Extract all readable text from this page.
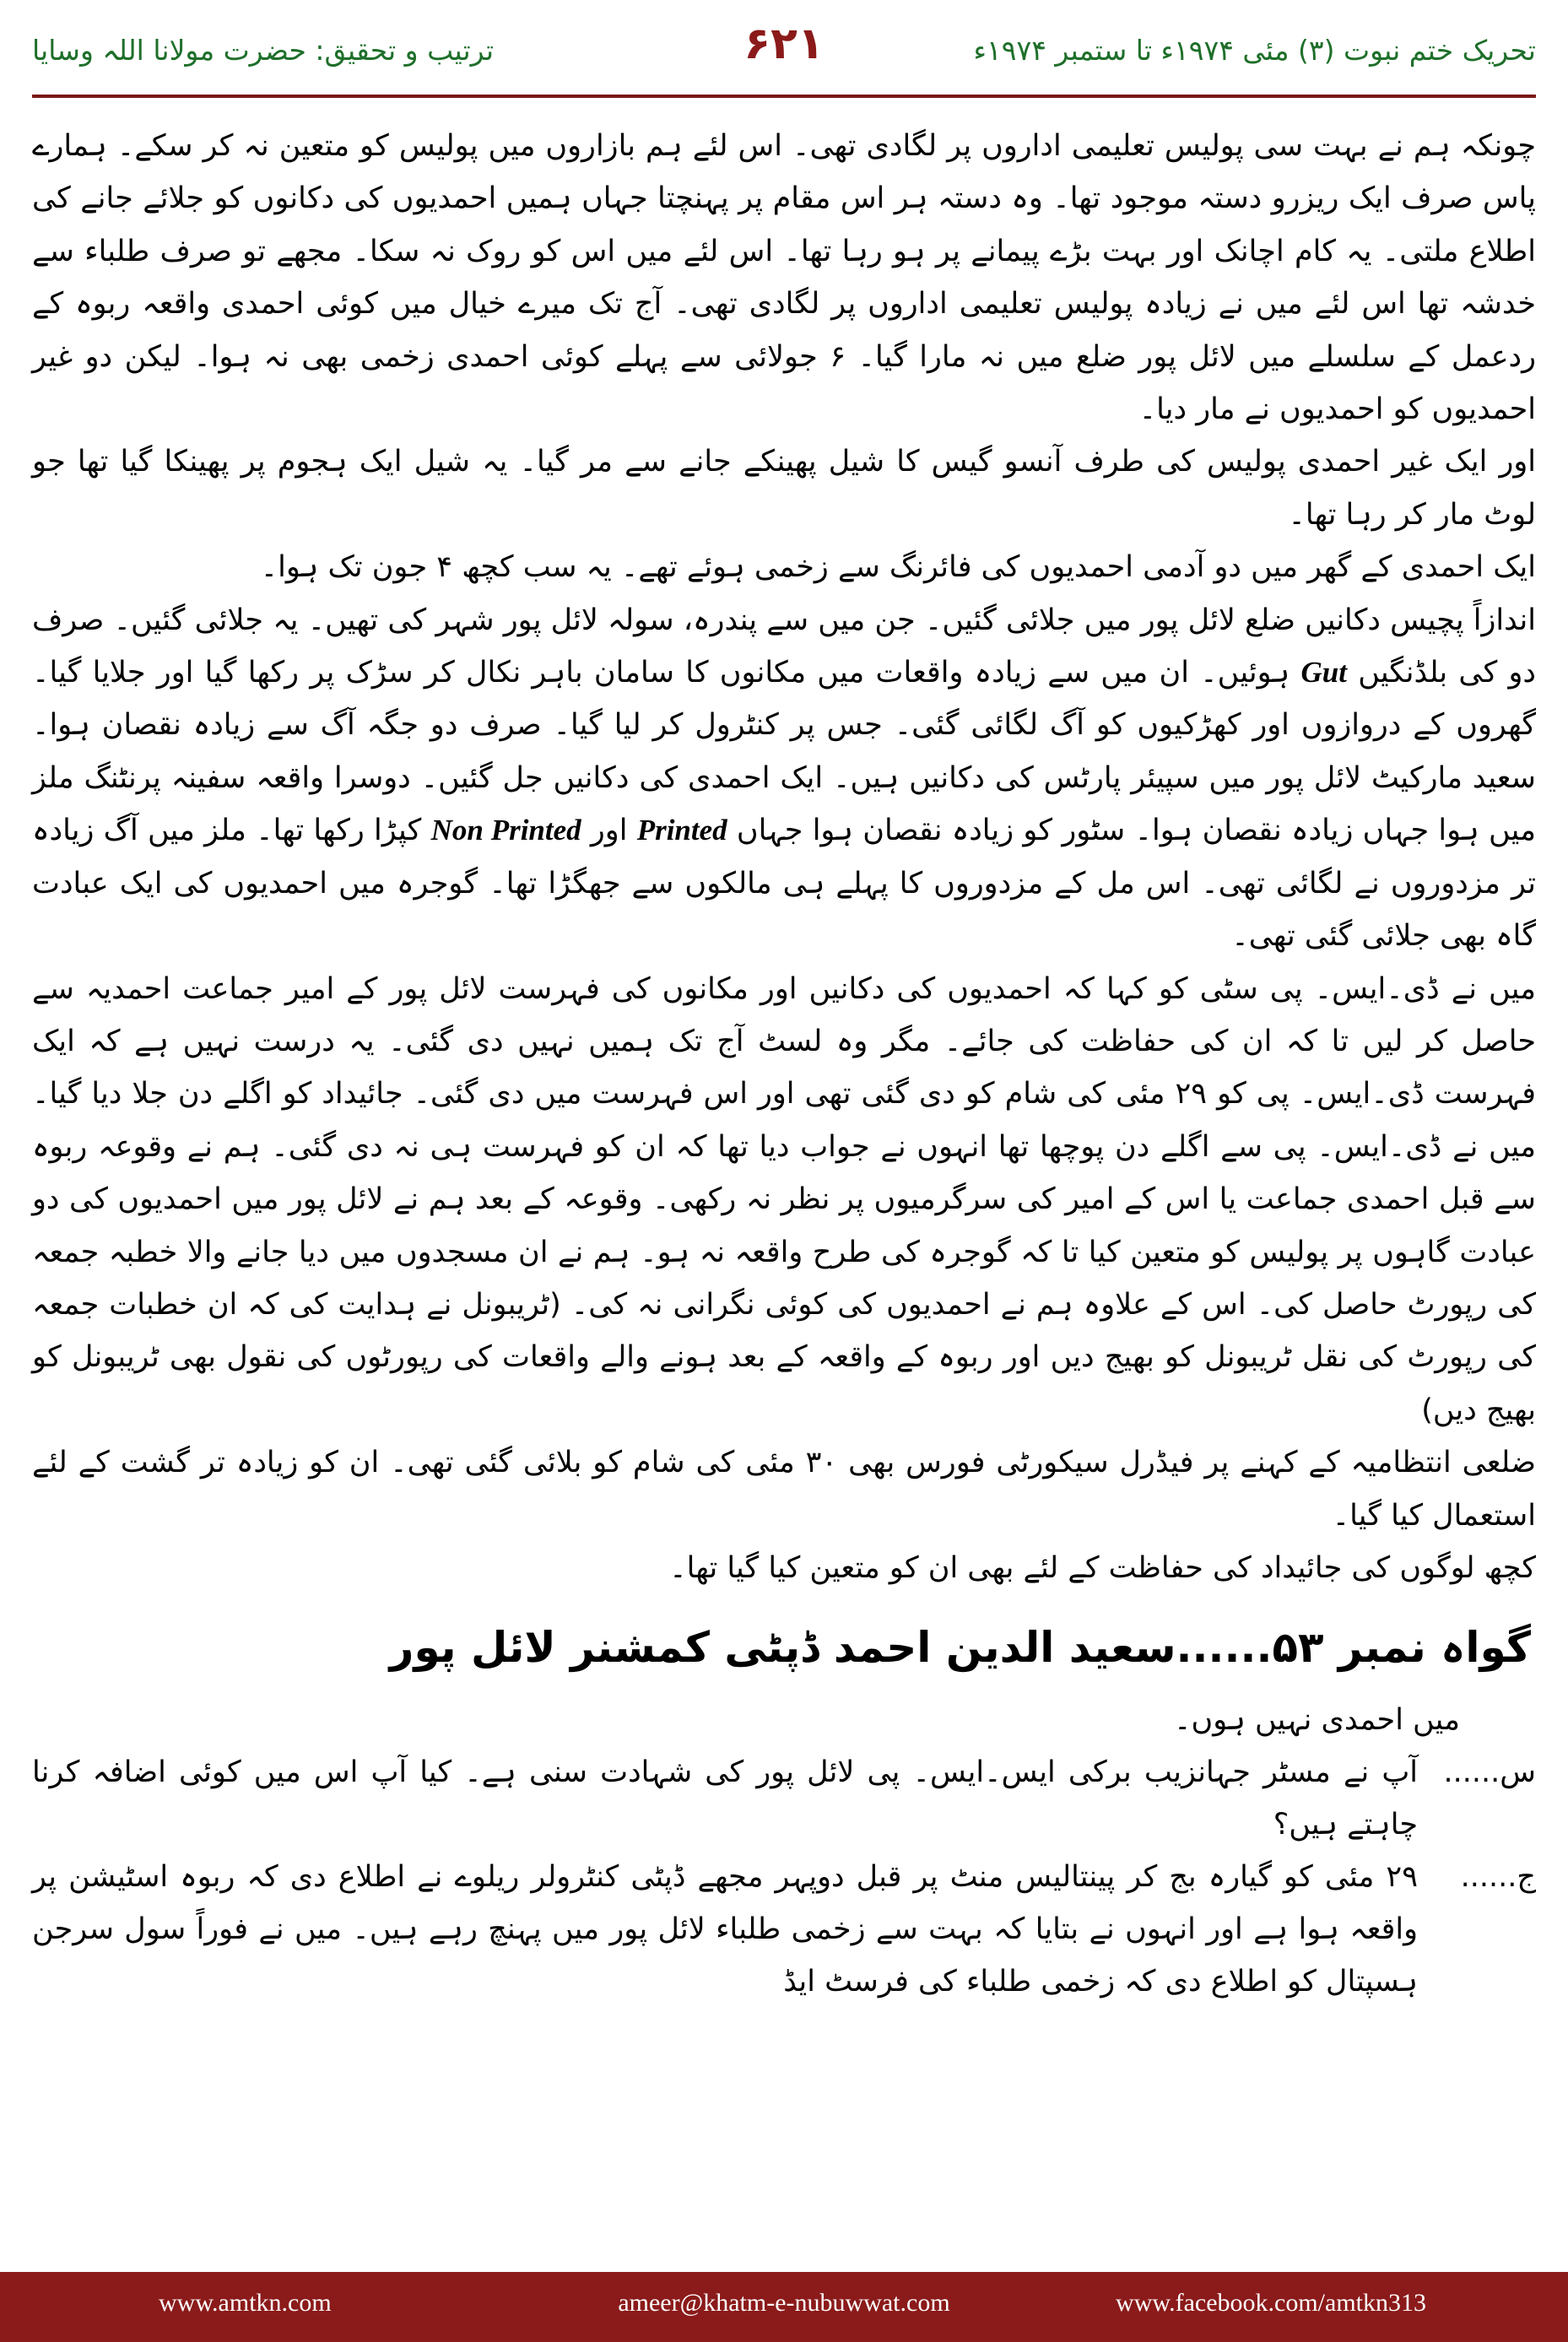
تحریک ختم نبوت (۳) مئی ۱۹۷۴ء تا ستمبر ۱۹۷۴ء
۶۲۱
ترتیب و تحقیق: حضرت مولانا اللہ وسایا

چونکہ ہم نے بہت سی پولیس تعلیمی اداروں پر لگادی تھی۔ اس لئے ہم بازاروں میں پولیس کو متعین نہ کر سکے۔ ہمارے پاس صرف ایک ریزرو دستہ موجود تھا۔ وہ دستہ ہر اس مقام پر پہنچتا جہاں ہمیں احمدیوں کی دکانوں کو جلائے جانے کی اطلاع ملتی۔ یہ کام اچانک اور بہت بڑے پیمانے پر ہو رہا تھا۔ اس لئے میں اس کو روک نہ سکا۔ مجھے تو صرف طلباء سے خدشہ تھا اس لئے میں نے زیادہ پولیس تعلیمی اداروں پر لگادی تھی۔ آج تک میرے خیال میں کوئی احمدی واقعہ ربوہ کے ردعمل کے سلسلے میں لائل پور ضلع میں نہ مارا گیا۔ ۶ جولائی سے پہلے کوئی احمدی زخمی بھی نہ ہوا۔ لیکن دو غیر احمدیوں کو احمدیوں نے مار دیا۔

اور ایک غیر احمدی پولیس کی طرف آنسو گیس کا شیل پھینکے جانے سے مر گیا۔ یہ شیل ایک ہجوم پر پھینکا گیا تھا جو لوٹ مار کر رہا تھا۔

ایک احمدی کے گھر میں دو آدمی احمدیوں کی فائرنگ سے زخمی ہوئے تھے۔ یہ سب کچھ ۴ جون تک ہوا۔

اندازاً پچیس دکانیں ضلع لائل پور میں جلائی گئیں۔ جن میں سے پندرہ، سولہ لائل پور شہر کی تھیں۔ یہ جلائی گئیں۔ صرف دو کی بلڈنگیں Gut ہوئیں۔ ان میں سے زیادہ واقعات میں مکانوں کا سامان باہر نکال کر سڑک پر رکھا گیا اور جلایا گیا۔ گھروں کے دروازوں اور کھڑکیوں کو آگ لگائی گئی۔ جس پر کنٹرول کر لیا گیا۔ صرف دو جگہ آگ سے زیادہ نقصان ہوا۔ سعید مارکیٹ لائل پور میں سپیئر پارٹس کی دکانیں ہیں۔ ایک احمدی کی دکانیں جل گئیں۔ دوسرا واقعہ سفینہ پرنٹنگ ملز میں ہوا جہاں زیادہ نقصان ہوا۔ سٹور کو زیادہ نقصان ہوا جہاں Printed اور Non Printed کپڑا رکھا تھا۔ ملز میں آگ زیادہ تر مزدوروں نے لگائی تھی۔ اس مل کے مزدوروں کا پہلے ہی مالکوں سے جھگڑا تھا۔ گوجرہ میں احمدیوں کی ایک عبادت گاہ بھی جلائی گئی تھی۔

میں نے ڈی۔ایس۔ پی سٹی کو کہا کہ احمدیوں کی دکانیں اور مکانوں کی فہرست لائل پور کے امیر جماعت احمدیہ سے حاصل کر لیں تا کہ ان کی حفاظت کی جائے۔ مگر وہ لسٹ آج تک ہمیں نہیں دی گئی۔ یہ درست نہیں ہے کہ ایک فہرست ڈی۔ایس۔ پی کو ۲۹ مئی کی شام کو دی گئی تھی اور اس فہرست میں دی گئی۔ جائیداد کو اگلے دن جلا دیا گیا۔ میں نے ڈی۔ایس۔ پی سے اگلے دن پوچھا تھا انہوں نے جواب دیا تھا کہ ان کو فہرست ہی نہ دی گئی۔ ہم نے وقوعہ ربوہ سے قبل احمدی جماعت یا اس کے امیر کی سرگرمیوں پر نظر نہ رکھی۔ وقوعہ کے بعد ہم نے لائل پور میں احمدیوں کی دو عبادت گاہوں پر پولیس کو متعین کیا تا کہ گوجرہ کی طرح واقعہ نہ ہو۔ ہم نے ان مسجدوں میں دیا جانے والا خطبہ جمعہ کی رپورٹ حاصل کی۔ اس کے علاوہ ہم نے احمدیوں کی کوئی نگرانی نہ کی۔ (ٹریبونل نے ہدایت کی کہ ان خطبات جمعہ کی رپورٹ کی نقل ٹریبونل کو بھیج دیں اور ربوہ کے واقعہ کے بعد ہونے والے واقعات کی رپورٹوں کی نقول بھی ٹریبونل کو بھیج دیں)

ضلعی انتظامیہ کے کہنے پر فیڈرل سیکورٹی فورس بھی ۳۰ مئی کی شام کو بلائی گئی تھی۔ ان کو زیادہ تر گشت کے لئے استعمال کیا گیا۔

کچھ لوگوں کی جائیداد کی حفاظت کے لئے بھی ان کو متعین کیا گیا تھا۔

گواہ نمبر ۵۳......سعید الدین احمد ڈپٹی کمشنر لائل پور

میں احمدی نہیں ہوں۔

س......
آپ نے مسٹر جہانزیب برکی ایس۔ایس۔ پی لائل پور کی شہادت سنی ہے۔ کیا آپ اس میں کوئی اضافہ کرنا چاہتے ہیں؟
ج......
۲۹ مئی کو گیارہ بج کر پینتالیس منٹ پر قبل دوپہر مجھے ڈپٹی کنٹرولر ریلوے نے اطلاع دی کہ ربوہ اسٹیشن پر واقعہ ہوا ہے اور انہوں نے بتایا کہ بہت سے زخمی طلباء لائل پور میں پہنچ رہے ہیں۔ میں نے فوراً سول سرجن ہسپتال کو اطلاع دی کہ زخمی طلباء کی فرسٹ ایڈ
www.amtkn.com	ameer@khatm-e-nubuwwat.com	www.facebook.com/amtkn313
